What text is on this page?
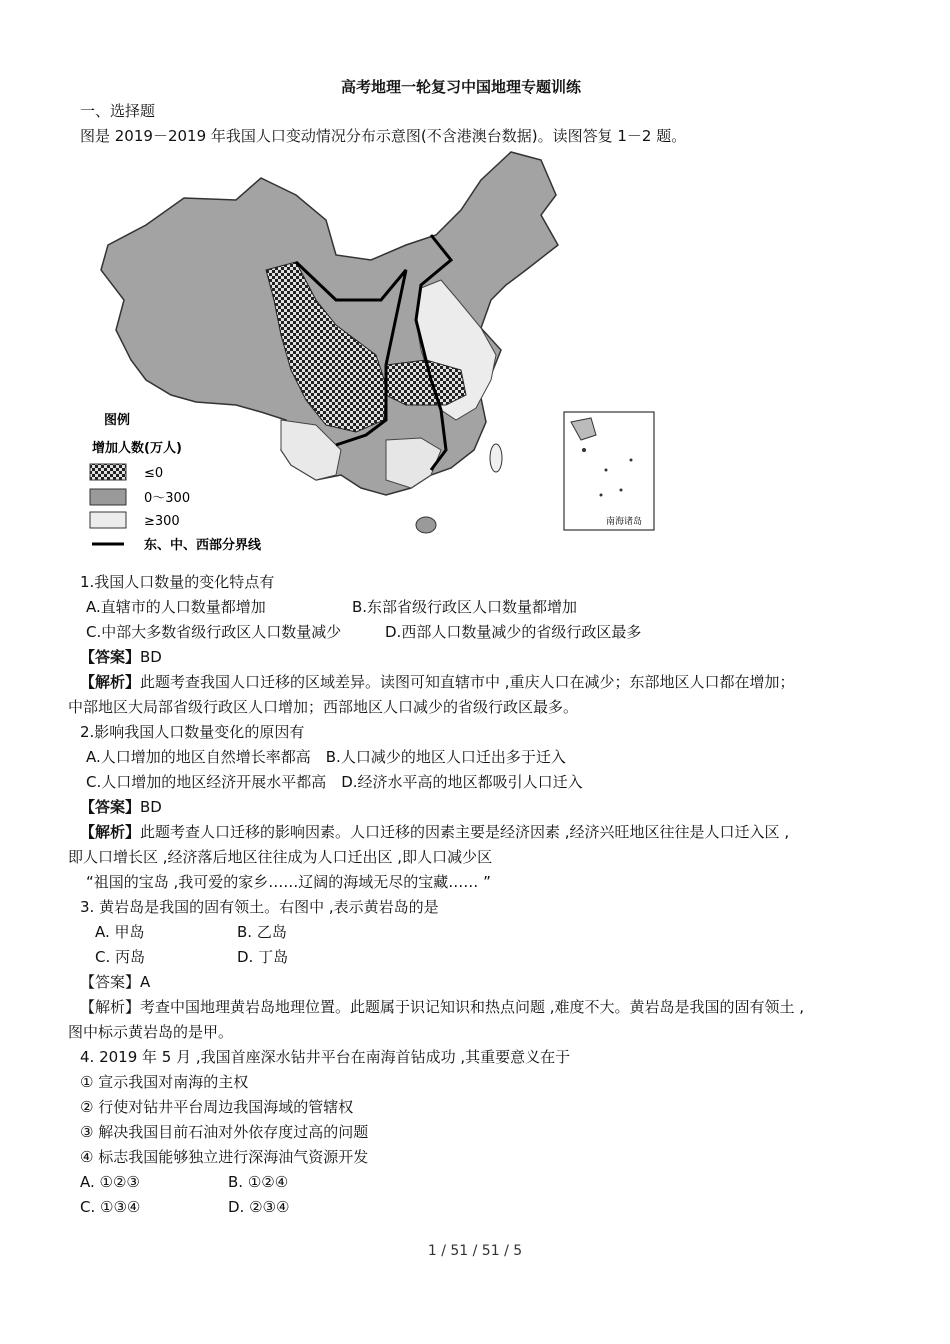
高考地理一轮复习中国地理专题训练
一、选择题
图是 2019－2019 年我国人口变动情况分布示意图(不含港澳台数据)。读图答复 1－2 题。
南海诸岛
图例
增加人数(万人)
≤0
0～300
≥300
东、中、西部分界线
1.我国人口数量的变化特点有
A.直辖市的人口数量都增加	B.东部省级行政区人口数量都增加
C.中部大多数省级行政区人口数量减少	D.西部人口数量减少的省级行政区最多
【答案】BD
【解析】此题考查我国人口迁移的区域差异。读图可知直辖市中 ,重庆人口在减少；东部地区人口都在增加；
中部地区大局部省级行政区人口增加；西部地区人口减少的省级行政区最多。
2.影响我国人口数量变化的原因有
A.人口增加的地区自然增长率都高　B.人口减少的地区人口迁出多于迁入
C.人口增加的地区经济开展水平都高　D.经济水平高的地区都吸引人口迁入
【答案】BD
【解析】此题考查人口迁移的影响因素。人口迁移的因素主要是经济因素 ,经济兴旺地区往往是人口迁入区 ,
即人口增长区 ,经济落后地区往往成为人口迁出区 ,即人口减少区
“祖国的宝岛 ,我可爱的家乡……辽阔的海域无尽的宝藏…… ”
3. 黄岩岛是我国的固有领土。右图中 ,表示黄岩岛的是
A. 甲岛	B. 乙岛
C. 丙岛	D. 丁岛
【答案】A
【解析】考查中国地理黄岩岛地理位置。此题属于识记知识和热点问题 ,难度不大。黄岩岛是我国的固有领土 ,
图中标示黄岩岛的是甲。
4. 2019 年 5 月 ,我国首座深水钻井平台在南海首钻成功 ,其重要意义在于
① 宣示我国对南海的主权
② 行使对钻井平台周边我国海域的管辖权
③ 解决我国目前石油对外依存度过高的问题
④ 标志我国能够独立进行深海油气资源开发
A. ①②③	B. ①②④
C. ①③④	D. ②③④
1 / 51 / 51 / 5
